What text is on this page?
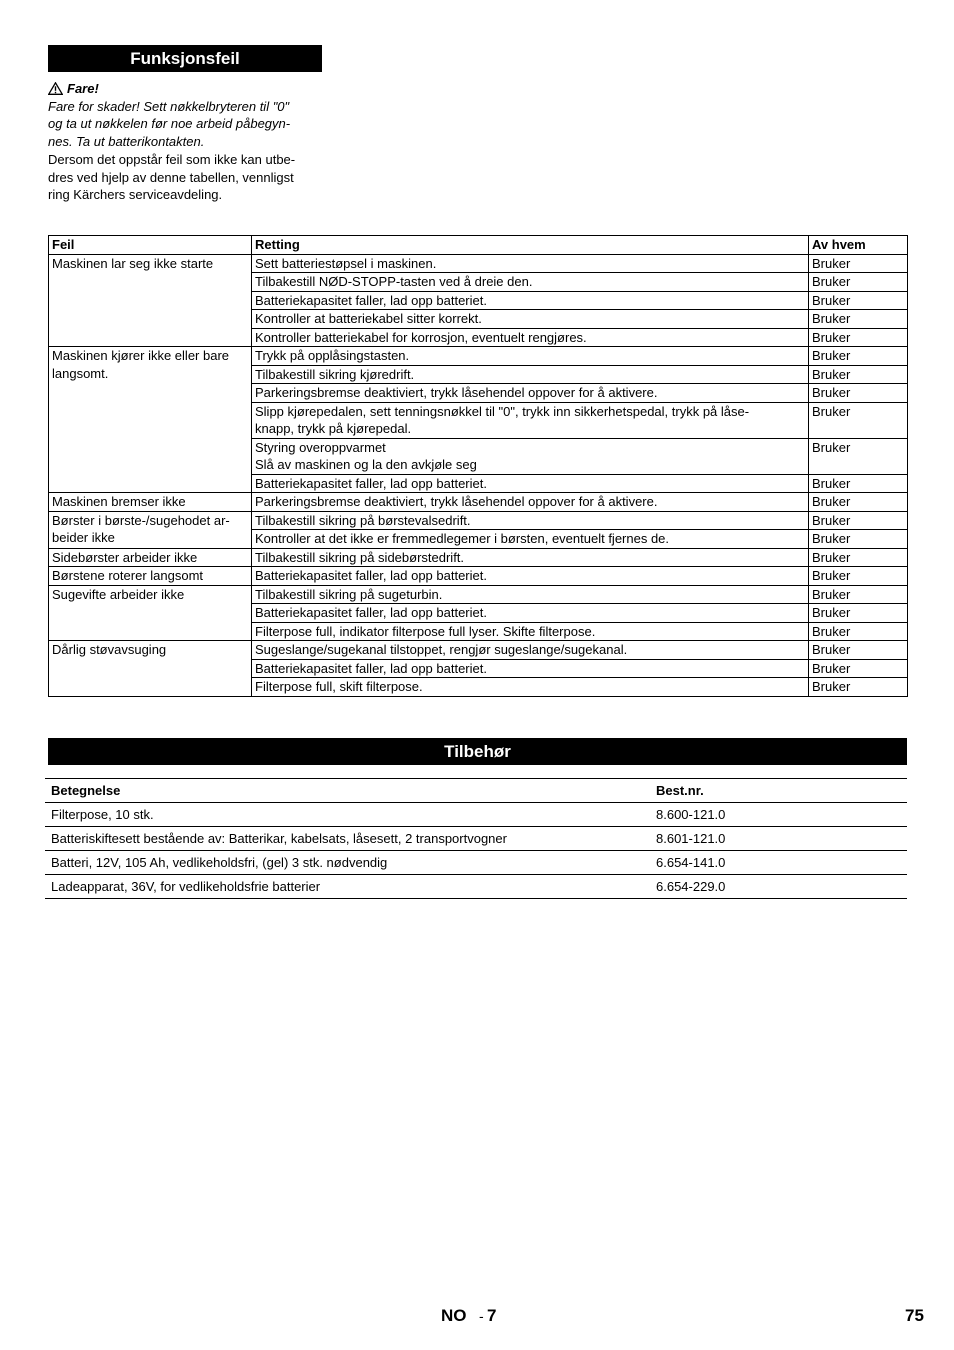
Funksjonsfeil
Fare!

Fare for skader! Sett nøkkelbryteren til "0"

og ta ut nøkkelen før noe arbeid påbegyn-

nes. Ta ut batterikontakten.

Dersom det oppstår feil som ikke kan utbe-

dres ved hjelp av denne tabellen, vennligst

ring Kärchers serviceavdeling.

Feil	Retting	Av hvem
Maskinen lar seg ikke starte	Sett batteriestøpsel i maskinen.	Bruker
	Tilbakestill NØD-STOPP-tasten ved å dreie den.	Bruker
	Batteriekapasitet faller, lad opp batteriet.	Bruker
	Kontroller at batteriekabel sitter korrekt.	Bruker
	Kontroller batteriekabel for korrosjon, eventuelt rengjøres.	Bruker
Maskinen kjører ikke eller bare
langsomt.	Trykk på opplåsingstasten.	Bruker
	Tilbakestill sikring kjøredrift.	Bruker
	Parkeringsbremse deaktiviert, trykk låsehendel oppover for å aktivere.	Bruker
	Slipp kjørepedalen, sett tenningsnøkkel til "0", trykk inn sikkerhetspedal, trykk på låse-
knapp, trykk på kjørepedal.	Bruker
	Styring overoppvarmet
Slå av maskinen og la den avkjøle seg	Bruker
	Batteriekapasitet faller, lad opp batteriet.	Bruker
Maskinen bremser ikke	Parkeringsbremse deaktiviert, trykk låsehendel oppover for å aktivere.	Bruker
Børster i børste-/sugehodet ar-
beider ikke	Tilbakestill sikring på børstevalsedrift.	Bruker
	Kontroller at det ikke er fremmedlegemer i børsten, eventuelt fjernes de.	Bruker
Sidebørster arbeider ikke	Tilbakestill sikring på sidebørstedrift.	Bruker
Børstene roterer langsomt	Batteriekapasitet faller, lad opp batteriet.	Bruker
Sugevifte arbeider ikke	Tilbakestill sikring på sugeturbin.	Bruker
	Batteriekapasitet faller, lad opp batteriet.	Bruker
	Filterpose full, indikator filterpose full lyser. Skifte filterpose.	Bruker
Dårlig støvavsuging	Sugeslange/sugekanal tilstoppet, rengjør sugeslange/sugekanal.	Bruker
	Batteriekapasitet faller, lad opp batteriet.	Bruker
	Filterpose full, skift filterpose.	Bruker
Tilbehør
Betegnelse	Best.nr.
Filterpose, 10 stk.	8.600-121.0
Batteriskiftesett bestående av: Batterikar, kabelsats, låsesett, 2 transportvogner	8.601-121.0
Batteri, 12V, 105 Ah, vedlikeholdsfri, (gel) 3 stk. nødvendig	6.654-141.0
Ladeapparat, 36V, for vedlikeholdsfrie batterier	6.654-229.0
NO - 7	75
